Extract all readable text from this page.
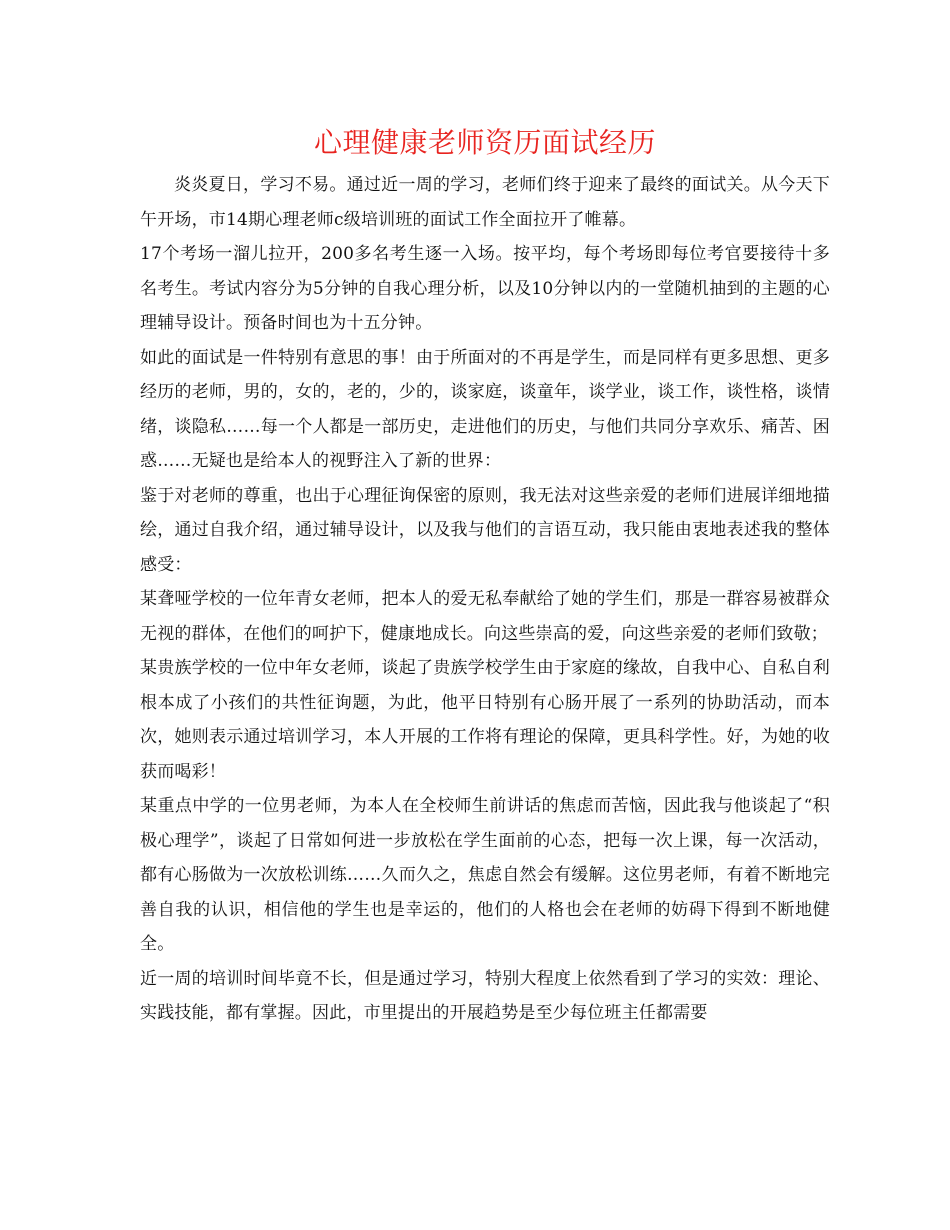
心理健康老师资历面试经历

炎炎夏日，学习不易。通过近一周的学习，老师们终于迎来了最终的面试关。从今天下午开场，市14期心理老师c级培训班的面试工作全面拉开了帷幕。

17个考场一溜儿拉开，200多名考生逐一入场。按平均，每个考场即每位考官要接待十多名考生。考试内容分为5分钟的自我心理分析，以及10分钟以内的一堂随机抽到的主题的心理辅导设计。预备时间也为十五分钟。

如此的面试是一件特别有意思的事！由于所面对的不再是学生，而是同样有更多思想、更多经历的老师，男的，女的，老的，少的，谈家庭，谈童年，谈学业，谈工作，谈性格，谈情绪，谈隐私……每一个人都是一部历史，走进他们的历史，与他们共同分享欢乐、痛苦、困惑……无疑也是给本人的视野注入了新的世界：

鉴于对老师的尊重，也出于心理征询保密的原则，我无法对这些亲爱的老师们进展详细地描绘，通过自我介绍，通过辅导设计，以及我与他们的言语互动，我只能由衷地表述我的整体感受：

某聋哑学校的一位年青女老师，把本人的爱无私奉献给了她的学生们，那是一群容易被群众无视的群体，在他们的呵护下，健康地成长。向这些崇高的爱，向这些亲爱的老师们致敬；

某贵族学校的一位中年女老师，谈起了贵族学校学生由于家庭的缘故，自我中心、自私自利根本成了小孩们的共性征询题，为此，他平日特别有心肠开展了一系列的协助活动，而本次，她则表示通过培训学习，本人开展的工作将有理论的保障，更具科学性。好，为她的收获而喝彩！

某重点中学的一位男老师，为本人在全校师生前讲话的焦虑而苦恼，因此我与他谈起了“积极心理学”，谈起了日常如何进一步放松在学生面前的心态，把每一次上课，每一次活动，都有心肠做为一次放松训练……久而久之，焦虑自然会有缓解。这位男老师，有着不断地完善自我的认识，相信他的学生也是幸运的，他们的人格也会在老师的妨碍下得到不断地健全。

近一周的培训时间毕竟不长，但是通过学习，特别大程度上依然看到了学习的实效：理论、实践技能，都有掌握。因此，市里提出的开展趋势是至少每位班主任都需要
